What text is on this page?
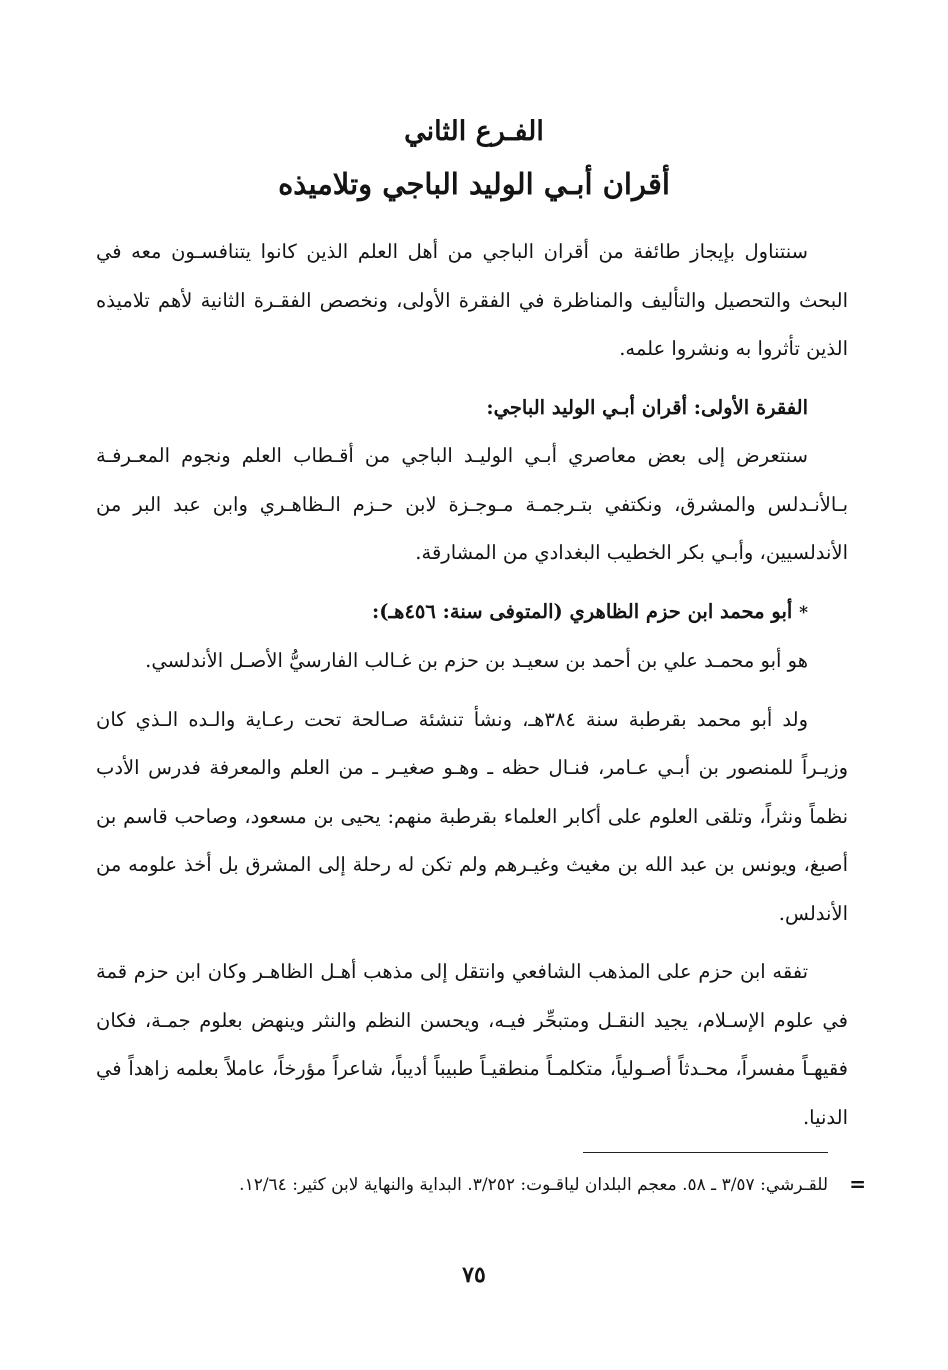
الفـرع الثاني
أقران أبـي الوليد الباجي وتلاميذه

سنتناول بإيجاز طائفة من أقران الباجي من أهل العلم الذين كانوا يتنافسـون معه في البحث والتحصيل والتأليف والمناظرة في الفقرة الأولى، ونخصص الفقـرة الثانية لأهم تلاميذه الذين تأثروا به ونشروا علمه.

الفقرة الأولى: أقران أبـي الوليد الباجي:

سنتعرض إلى بعض معاصري أبـي الوليـد الباجي من أقـطاب العلم ونجوم المعـرفـة بـالأنـدلس والمشرق، ونكتفي بتـرجمـة مـوجـزة لابن حـزم الـظاهـري وابن عبد البر من الأندلسيين، وأبـي بكر الخطيب البغدادي من المشارقة.

* أبو محمد ابن حزم الظاهري (المتوفى سنة: ٤٥٦هـ):

هو أبو محمـد علي بن أحمد بن سعيـد بن حزم بن غـالب الفارسيُّ الأصـل الأندلسي.

ولد أبو محمد بقرطبة سنة ٣٨٤هـ، ونشأ تنشئة صـالحة تحت رعـاية والـده الـذي كان وزيـراً للمنصور بن أبـي عـامر، فنـال حظه ـ وهـو صغيـر ـ من العلم والمعرفة فدرس الأدب نظماً ونثراً، وتلقى العلوم على أكابر العلماء بقرطبة منهم: يحيى بن مسعود، وصاحب قاسم بن أصبغ، ويونس بن عبد الله بن مغيث وغيـرهم ولم تكن له رحلة إلى المشرق بل أخذ علومه من الأندلس.

تفقه ابن حزم على المذهب الشافعي وانتقل إلى مذهب أهـل الظاهـر وكان ابن حزم قمة في علوم الإسـلام، يجيد النقـل ومتبحِّر فيـه، ويحسن النظم والنثر وينهض بعلوم جمـة، فكان فقيهـاً مفسراً، محـدثاً أصـولياً، متكلمـاً منطقيـاً طبيباً أديباً، شاعراً مؤرخاً، عاملاً بعلمه زاهداً في الدنيا.

=

للقـرشي: ٣/٥٧ ـ ٥٨. معجم البلدان لياقـوت: ٣/٢٥٢. البداية والنهاية لابن كثير: ١٢/٦٤.

٧٥
